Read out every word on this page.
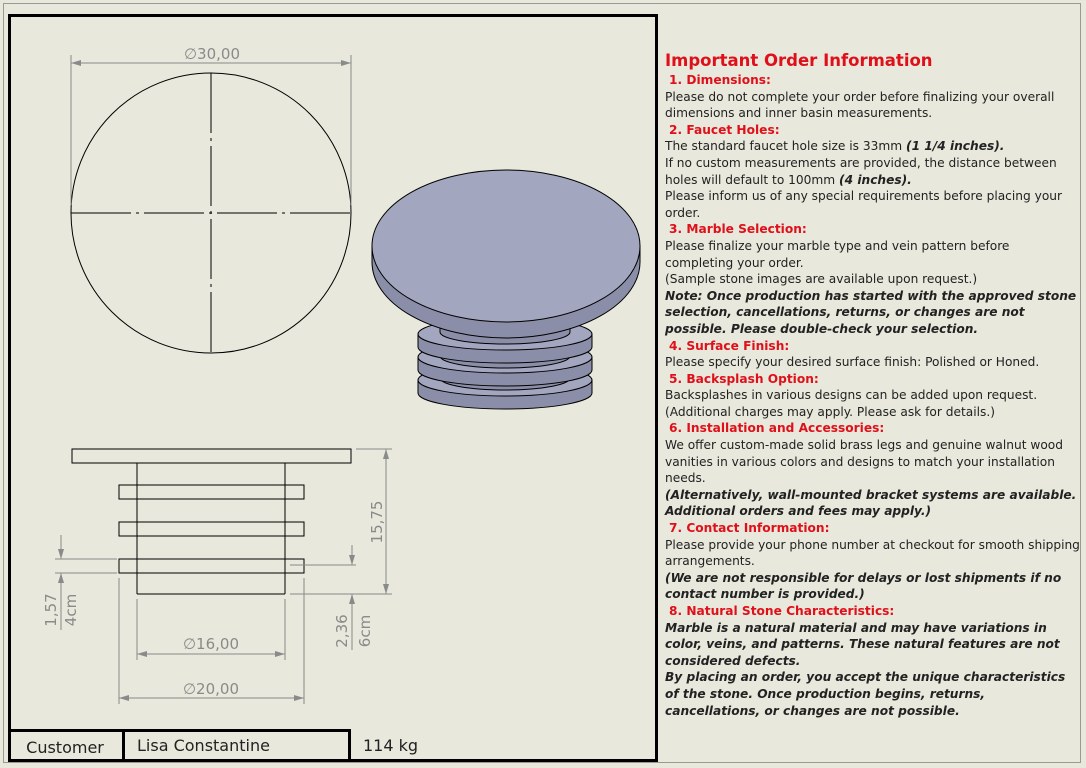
∅30,00
15,75
2,36 6cm
1,57 4cm
∅16,00
∅20,00
Customer	Lisa Constantine	114 kg
Important Order Information
1. Dimensions:
Please do not complete your order before finalizing your overall dimensions and inner basin measurements.
2. Faucet Holes:
The standard faucet hole size is 33mm (1 1/4 inches).
If no custom measurements are provided, the distance between holes will default to 100mm (4 inches).
Please inform us of any special requirements before placing your order.
3. Marble Selection:
Please finalize your marble type and vein pattern before completing your order.
(Sample stone images are available upon request.)
Note: Once production has started with the approved stone selection, cancellations, returns, or changes are not possible. Please double-check your selection.
4. Surface Finish:
Please specify your desired surface finish: Polished or Honed.
5. Backsplash Option:
Backsplashes in various designs can be added upon request.
(Additional charges may apply. Please ask for details.)
6. Installation and Accessories:
We offer custom-made solid brass legs and genuine walnut wood vanities in various colors and designs to match your installation needs.
(Alternatively, wall-mounted bracket systems are available. Additional orders and fees may apply.)
7. Contact Information:
Please provide your phone number at checkout for smooth shipping arrangements.
(We are not responsible for delays or lost shipments if no contact number is provided.)
8. Natural Stone Characteristics:
Marble is a natural material and may have variations in color, veins, and patterns. These natural features are not considered defects.
By placing an order, you accept the unique characteristics of the stone. Once production begins, returns, cancellations, or changes are not possible.
